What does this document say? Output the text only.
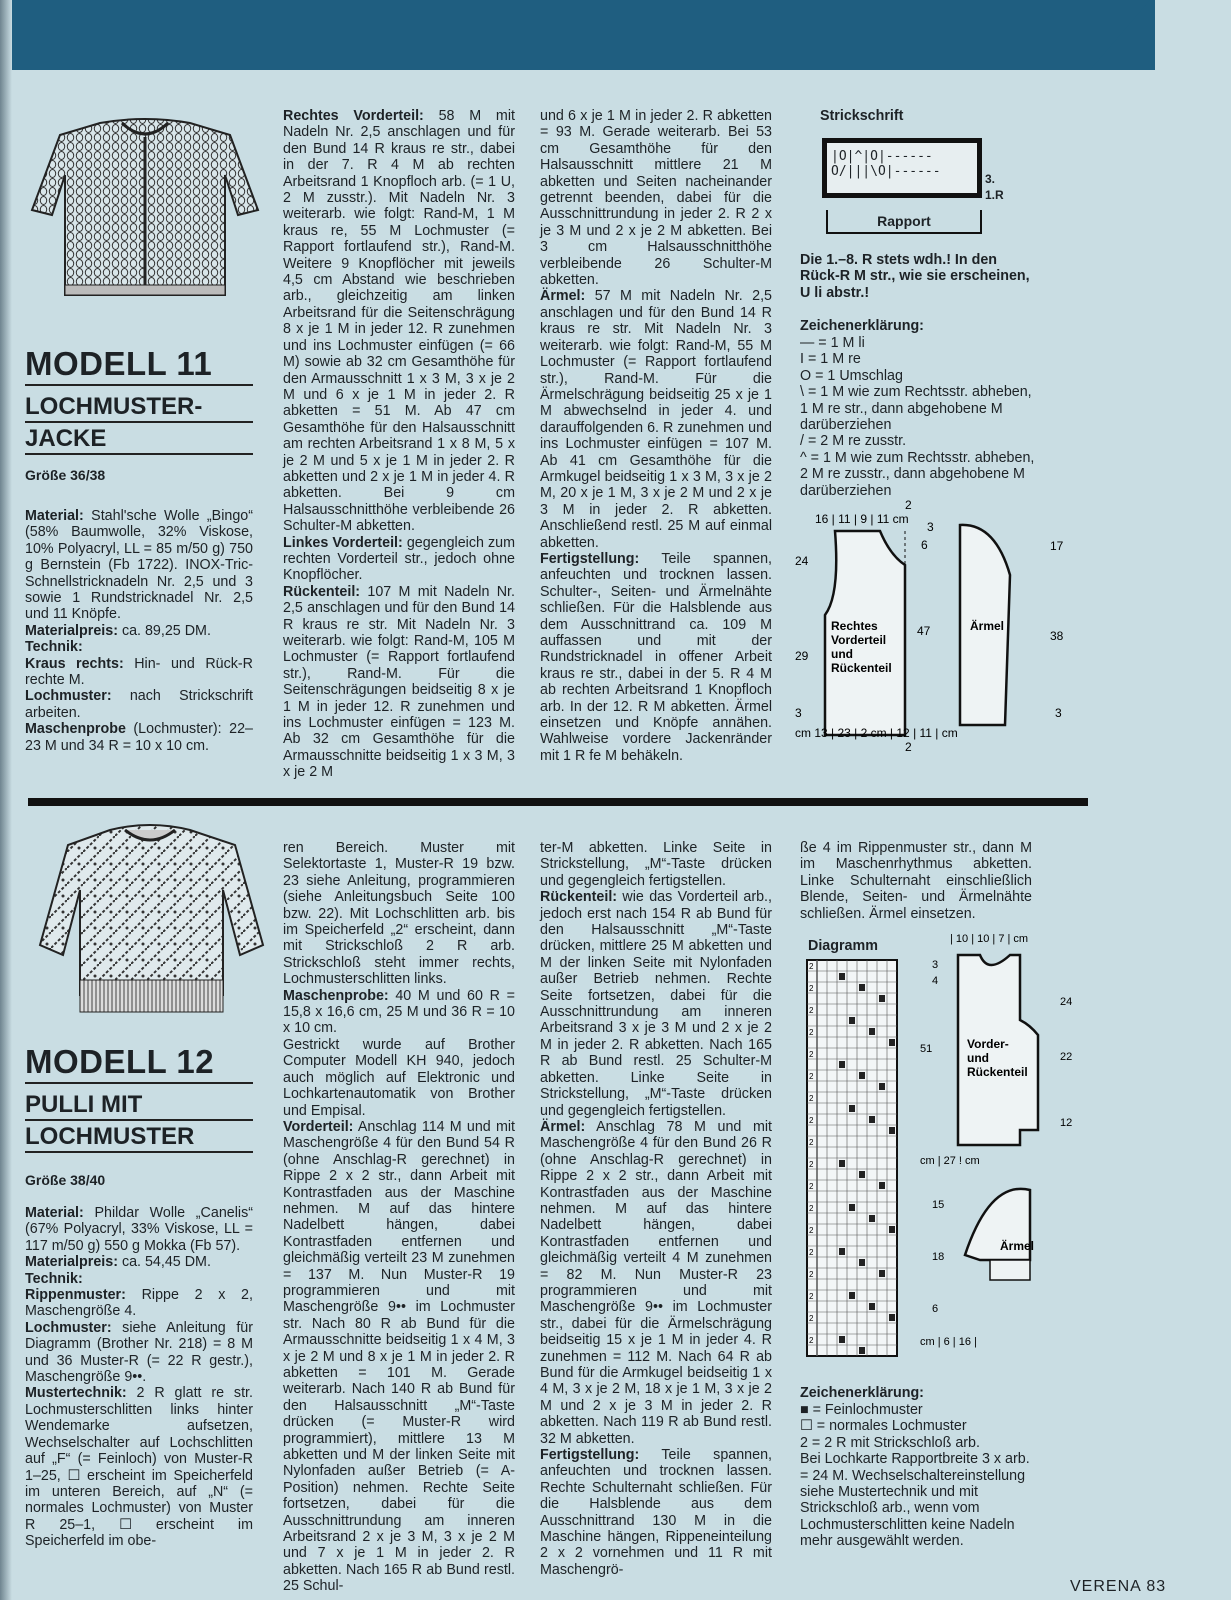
MODELL 11
LOCHMUSTER-
JACKE
Größe 36/38

Material: Stahl'sche Wolle „Bingo“ (58% Baumwolle, 32% Viskose, 10% Polyacryl, LL = 85 m/50 g) 750 g Bernstein (Fb 1722). INOX-Tric-Schnellstricknadeln Nr. 2,5 und 3 sowie 1 Rundstricknadel Nr. 2,5 und 11 Knöpfe.

Materialpreis: ca. 89,25 DM.

Technik:

Kraus rechts: Hin- und Rück-R rechte M.

Lochmuster: nach Strickschrift arbeiten.

Maschenprobe (Lochmuster): 22–23 M und 34 R = 10 x 10 cm.

Rechtes Vorderteil: 58 M mit Nadeln Nr. 2,5 anschlagen und für den Bund 14 R kraus re str., dabei in der 7. R 4 M ab rechten Arbeitsrand 1 Knopfloch arb. (= 1 U, 2 M zusstr.). Mit Nadeln Nr. 3 weiterarb. wie folgt: Rand-M, 1 M kraus re, 55 M Lochmuster (= Rapport fortlaufend str.), Rand-M. Weitere 9 Knopflöcher mit jeweils 4,5 cm Abstand wie beschrieben arb., gleichzeitig am linken Arbeitsrand für die Seitenschrägung 8 x je 1 M in jeder 12. R zunehmen und ins Lochmuster einfügen (= 66 M) sowie ab 32 cm Gesamthöhe für den Armausschnitt 1 x 3 M, 3 x je 2 M und 6 x je 1 M in jeder 2. R abketten = 51 M. Ab 47 cm Gesamthöhe für den Halsausschnitt am rechten Arbeitsrand 1 x 8 M, 5 x je 2 M und 5 x je 1 M in jeder 2. R abketten und 2 x je 1 M in jeder 4. R abketten. Bei 9 cm Halsausschnitthöhe verbleibende 26 Schulter-M abketten.

Linkes Vorderteil: gegengleich zum rechten Vorderteil str., jedoch ohne Knopflöcher.

Rückenteil: 107 M mit Nadeln Nr. 2,5 anschlagen und für den Bund 14 R kraus re str. Mit Nadeln Nr. 3 weiterarb. wie folgt: Rand-M, 105 M Lochmuster (= Rapport fortlaufend str.), Rand-M. Für die Seitenschrägungen beidseitig 8 x je 1 M in jeder 12. R zunehmen und ins Lochmuster einfügen = 123 M. Ab 32 cm Gesamthöhe für die Armausschnitte beidseitig 1 x 3 M, 3 x je 2 M

und 6 x je 1 M in jeder 2. R abketten = 93 M. Gerade weiterarb. Bei 53 cm Gesamthöhe für den Halsausschnitt mittlere 21 M abketten und Seiten nacheinander getrennt beenden, dabei für die Ausschnittrundung in jeder 2. R 2 x je 3 M und 2 x je 2 M abketten. Bei 3 cm Halsausschnitthöhe verbleibende 26 Schulter-M abketten.

Ärmel: 57 M mit Nadeln Nr. 2,5 anschlagen und für den Bund 14 R kraus re str. Mit Nadeln Nr. 3 weiterarb. wie folgt: Rand-M, 55 M Lochmuster (= Rapport fortlaufend str.), Rand-M. Für die Ärmelschrägung beidseitig 25 x je 1 M abwechselnd in jeder 4. und darauffolgenden 6. R zunehmen und ins Lochmuster einfügen = 107 M. Ab 41 cm Gesamthöhe für die Armkugel beidseitig 1 x 3 M, 3 x je 2 M, 20 x je 1 M, 3 x je 2 M und 2 x je 3 M in jeder 2. R abketten. Anschließend restl. 25 M auf einmal abketten.

Fertigstellung: Teile spannen, anfeuchten und trocknen lassen. Schulter-, Seiten- und Ärmelnähte schließen. Für die Halsblende aus dem Ausschnittrand ca. 109 M auffassen und mit der Rundstricknadel in offener Arbeit kraus re str., dabei in der 5. R 4 M ab rechten Arbeitsrand 1 Knopfloch arb. In der 12. R M abketten. Ärmel einsetzen und Knöpfe annähen. Wahlweise vordere Jackenränder mit 1 R fe M behäkeln.

Strickschrift
|O|^|O|------
O/|||\O|------	3.
1.R
Rapport
Die 1.–8. R stets wdh.! In den Rück-R M str., wie sie erscheinen, U li abstr.!
Zeichenerklärung:

— = 1 M li

I = 1 M re

O = 1 Umschlag

\ = 1 M wie zum Rechtsstr. abheben, 1 M re str., dann abgehobene M darüberziehen

/ = 2 M re zusstr.

^ = 1 M wie zum Rechtsstr. abheben, 2 M re zusstr., dann abgehobene M darüberziehen

16 | 11 | 9 | 11 cm
2
Rechtes
Vorderteil
und
Rückenteil
Ärmel
24
29
3
3
6
47
17
38
3
cm 13 | 23 | 2 cm | 12 | 11 | cm
2
MODELL 12
PULLI MIT
LOCHMUSTER
Größe 38/40

Material: Phildar Wolle „Canelis“ (67% Polyacryl, 33% Viskose, LL = 117 m/50 g) 550 g Mokka (Fb 57).

Materialpreis: ca. 54,45 DM.

Technik:

Rippenmuster: Rippe 2 x 2, Maschengröße 4.

Lochmuster: siehe Anleitung für Diagramm (Brother Nr. 218) = 8 M und 36 Muster-R (= 22 R gestr.), Maschengröße 9••.

Mustertechnik: 2 R glatt re str. Lochmusterschlitten links hinter Wendemarke aufsetzen, Wechselschalter auf Lochschlitten auf „F“ (= Feinloch) von Muster-R 1–25, ☐ erscheint im Speicherfeld im unteren Bereich, auf „N“ (= normales Lochmuster) von Muster R 25–1, ☐ erscheint im Speicherfeld im obe-

ren Bereich. Muster mit Selektortaste 1, Muster-R 19 bzw. 23 siehe Anleitung, programmieren (siehe Anleitungsbuch Seite 100 bzw. 22). Mit Lochschlitten arb. bis im Speicherfeld „2“ erscheint, dann mit Strickschloß 2 R arb. Strickschloß steht immer rechts, Lochmusterschlitten links.

Maschenprobe: 40 M und 60 R = 15,8 x 16,6 cm, 25 M und 36 R = 10 x 10 cm.

Gestrickt wurde auf Brother Computer Modell KH 940, jedoch auch möglich auf Elektronic und Lochkartenautomatik von Brother und Empisal.

Vorderteil: Anschlag 114 M und mit Maschengröße 4 für den Bund 54 R (ohne Anschlag-R gerechnet) in Rippe 2 x 2 str., dann Arbeit mit Kontrastfaden aus der Maschine nehmen. M auf das hintere Nadelbett hängen, dabei Kontrastfaden entfernen und gleichmäßig verteilt 23 M zunehmen = 137 M. Nun Muster-R 19 programmieren und mit Maschengröße 9•• im Lochmuster str. Nach 80 R ab Bund für die Armausschnitte beidseitig 1 x 4 M, 3 x je 2 M und 8 x je 1 M in jeder 2. R abketten = 101 M. Gerade weiterarb. Nach 140 R ab Bund für den Halsausschnitt „M“-Taste drücken (= Muster-R wird programmiert), mittlere 13 M abketten und M der linken Seite mit Nylonfaden außer Betrieb (= A-Position) nehmen. Rechte Seite fortsetzen, dabei für die Ausschnittrundung am inneren Arbeitsrand 2 x je 3 M, 3 x je 2 M und 7 x je 1 M in jeder 2. R abketten. Nach 165 R ab Bund restl. 25 Schul-

ter-M abketten. Linke Seite in Strickstellung, „M“-Taste drücken und gegengleich fertigstellen.

Rückenteil: wie das Vorderteil arb., jedoch erst nach 154 R ab Bund für den Halsausschnitt „M“-Taste drücken, mittlere 25 M abketten und M der linken Seite mit Nylonfaden außer Betrieb nehmen. Rechte Seite fortsetzen, dabei für die Ausschnittrundung am inneren Arbeitsrand 3 x je 3 M und 2 x je 2 M in jeder 2. R abketten. Nach 165 R ab Bund restl. 25 Schulter-M abketten. Linke Seite in Strickstellung, „M“-Taste drücken und gegengleich fertigstellen.

Ärmel: Anschlag 78 M und mit Maschengröße 4 für den Bund 26 R (ohne Anschlag-R gerechnet) in Rippe 2 x 2 str., dann Arbeit mit Kontrastfaden aus der Maschine nehmen. M auf das hintere Nadelbett hängen, dabei Kontrastfaden entfernen und gleichmäßig verteilt 4 M zunehmen = 82 M. Nun Muster-R 23 programmieren und mit Maschengröße 9•• im Lochmuster str., dabei für die Ärmelschrägung beidseitig 15 x je 1 M in jeder 4. R zunehmen = 112 M. Nach 64 R ab Bund für die Armkugel beidseitig 1 x 4 M, 3 x je 2 M, 18 x je 1 M, 3 x je 2 M und 2 x je 3 M in jeder 2. R abketten. Nach 119 R ab Bund restl. 32 M abketten.

Fertigstellung: Teile spannen, anfeuchten und trocknen lassen. Rechte Schulternaht schließen. Für die Halsblende aus dem Ausschnittrand 130 M in die Maschine hängen, Rippeneinteilung 2 x 2 vornehmen und 11 R mit Maschengrö-

ße 4 im Rippenmuster str., dann M im Maschenrhythmus abketten. Linke Schulternaht einschließlich Blende, Seiten- und Ärmelnähte schließen. Ärmel einsetzen.
Diagramm
2
2
2
2
2
2
2
2
2
2
2
2
2
2
2
2
2
2
| 10 | 10 | 7 | cm
Vorder-
und
Rückenteil
Ärmel
3
4
24
51
22
12
15
18
6
cm | 27 ! cm
cm | 6 | 16 |
Zeichenerklärung:

■ = Feinlochmuster

☐ = normales Lochmuster

2 = 2 R mit Strickschloß arb.

Bei Lochkarte Rapportbreite 3 x arb. = 24 M. Wechselschaltereinstellung siehe Mustertechnik und mit Strickschloß arb., wenn vom Lochmusterschlitten keine Nadeln mehr ausgewählt werden.

VERENA 83
